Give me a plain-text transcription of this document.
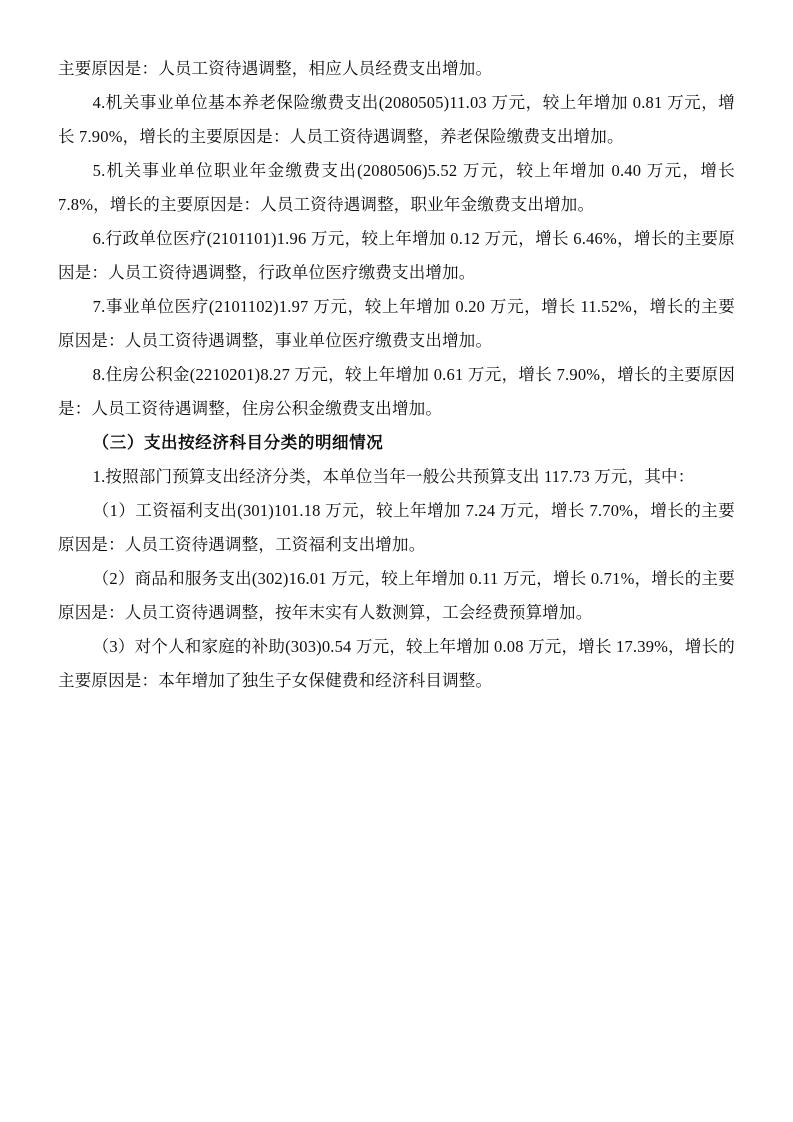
主要原因是：人员工资待遇调整，相应人员经费支出增加。

4.机关事业单位基本养老保险缴费支出(2080505)11.03 万元，较上年增加 0.81 万元，增长 7.90%，增长的主要原因是：人员工资待遇调整，养老保险缴费支出增加。

5.机关事业单位职业年金缴费支出(2080506)5.52 万元，较上年增加 0.40 万元，增长 7.8%，增长的主要原因是：人员工资待遇调整，职业年金缴费支出增加。

6.行政单位医疗(2101101)1.96 万元，较上年增加 0.12 万元，增长 6.46%，增长的主要原因是：人员工资待遇调整，行政单位医疗缴费支出增加。

7.事业单位医疗(2101102)1.97 万元，较上年增加 0.20 万元，增长 11.52%，增长的主要原因是：人员工资待遇调整，事业单位医疗缴费支出增加。

8.住房公积金(2210201)8.27 万元，较上年增加 0.61 万元，增长 7.90%，增长的主要原因是：人员工资待遇调整，住房公积金缴费支出增加。

（三）支出按经济科目分类的明细情况

1.按照部门预算支出经济分类，本单位当年一般公共预算支出 117.73 万元，其中：

（1）工资福利支出(301)101.18 万元，较上年增加 7.24 万元，增长 7.70%，增长的主要原因是：人员工资待遇调整，工资福利支出增加。

（2）商品和服务支出(302)16.01 万元，较上年增加 0.11 万元，增长 0.71%，增长的主要原因是：人员工资待遇调整，按年末实有人数测算，工会经费预算增加。

（3）对个人和家庭的补助(303)0.54 万元，较上年增加 0.08 万元，增长 17.39%，增长的主要原因是：本年增加了独生子女保健费和经济科目调整。
